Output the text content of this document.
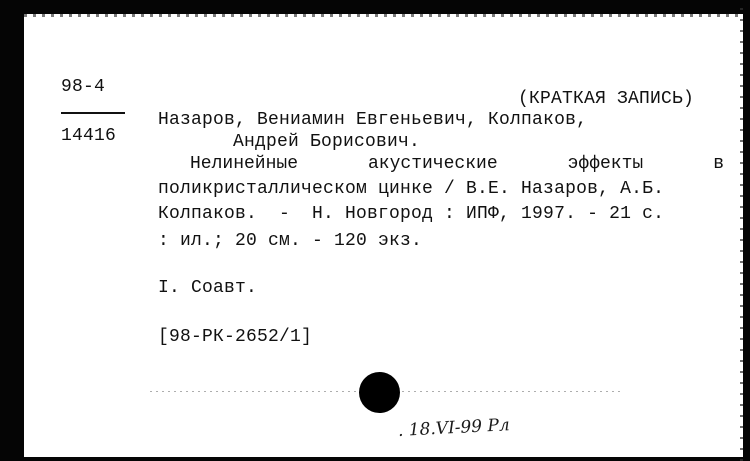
98-4
14416
(КРАТКАЯ ЗАПИСЬ)
Назаров, Вениамин Евгеньевич, Колпаков,
Андрей Борисович.
Нелинейные	акустические	эффекты	в
поликристаллическом цинке / В.Е. Назаров, А.Б.
Колпаков.  -  Н. Новгород : ИПФ, 1997. - 21 с.
: ил.; 20 см. - 120 экз.
I. Соавт.
[98-РК-2652/1]
. 18.VI-99 Рл
